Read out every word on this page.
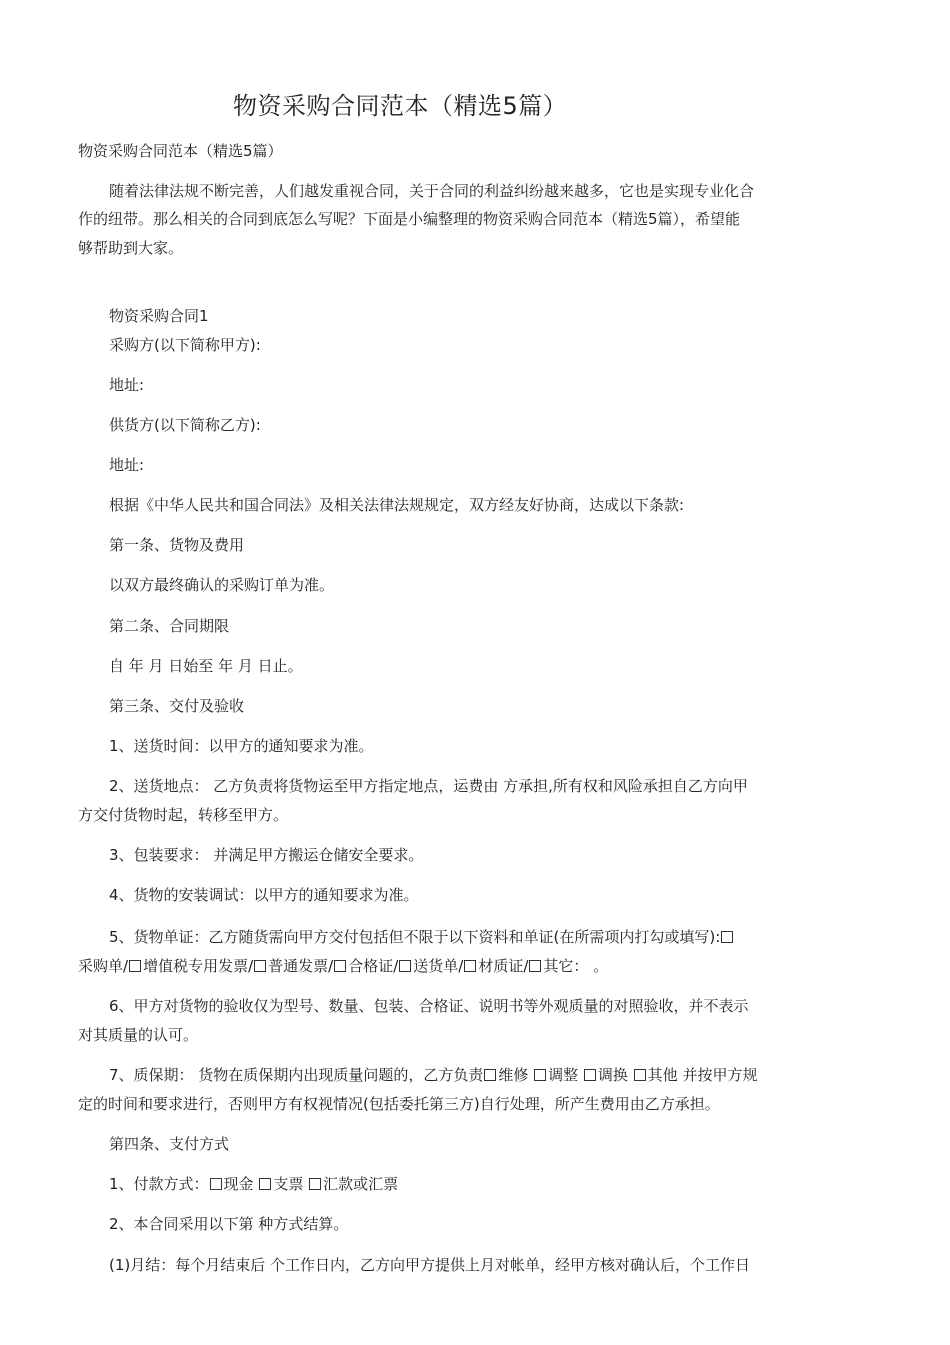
物资采购合同范本（精选5篇）
物资采购合同范本（精选5篇）
随着法律法规不断完善，人们越发重视合同，关于合同的利益纠纷越来越多，它也是实现专业化合
作的纽带。那么相关的合同到底怎么写呢？下面是小编整理的物资采购合同范本（精选5篇），希望能
够帮助到大家。
物资采购合同1
采购方(以下简称甲方):
地址:
供货方(以下简称乙方):
地址:
根据《中华人民共和国合同法》及相关法律法规规定，双方经友好协商，达成以下条款:
第一条、货物及费用
以双方最终确认的采购订单为准。
第二条、合同期限
自 年 月 日始至 年 月 日止。
第三条、交付及验收
1、送货时间：以甲方的通知要求为准。
2、送货地点： 乙方负责将货物运至甲方指定地点，运费由 方承担,所有权和风险承担自乙方向甲
方交付货物时起，转移至甲方。
3、包装要求： 并满足甲方搬运仓储安全要求。
4、货物的安装调试：以甲方的通知要求为准。
5、货物单证：乙方随货需向甲方交付包括但不限于以下资料和单证(在所需项内打勾或填写):
采购单/ 增值税专用发票/ 普通发票/ 合格证/ 送货单/ 材质证/ 其它： 。
6、甲方对货物的验收仅为型号、数量、包装、合格证、说明书等外观质量的对照验收，并不表示
对其质量的认可。
7、质保期： 货物在质保期内出现质量问题的，乙方负责 维修 调整 调换 其他 并按甲方规
定的时间和要求进行，否则甲方有权视情况(包括委托第三方)自行处理，所产生费用由乙方承担。
第四条、支付方式
1、付款方式： 现金 支票 汇款或汇票
2、本合同采用以下第 种方式结算。
(1)月结：每个月结束后 个工作日内，乙方向甲方提供上月对帐单，经甲方核对确认后，个工作日
